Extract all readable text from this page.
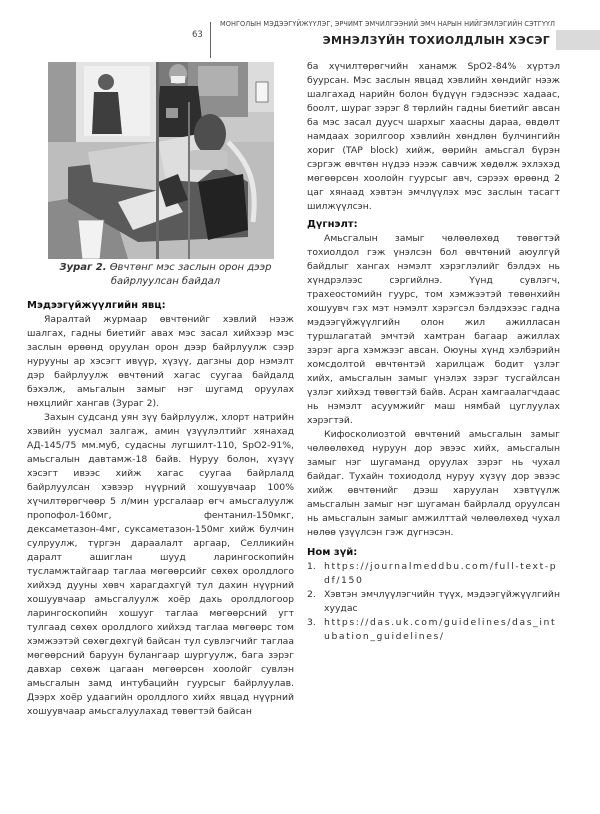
63
МОНГОЛЫН МЭДЭЭГҮЙЖҮҮЛЭГ, ЭРЧИМТ ЭМЧИЛГЭЭНИЙ ЭМЧ НАРЫН НИЙГЭМЛЭГИЙН СЭТГҮҮЛ
ЭМНЭЛЗҮЙН ТОХИОЛДЛЫН ХЭСЭГ
Зураг 2. Өвчтөнг мэс заслын орон дээр байрлуулсан байдал
Мэдээгүйжүүлгийн явц:

Яаралтай журмаар өвчтөнийг хэвлий нээж шалгах, гадны биетийг авах мэс засал хийхээр мэс заслын өрөөнд оруулан орон дээр байрлуулж сээр нурууны ар хэсэгт ивүүр, хүзүү, дагзны дор нэмэлт дэр байрлуулж өвчтөний хагас суугаа байдалд бэхэлж, амьгалын замыг нэг шугамд оруулах нөхцлийг хангав (Зураг 2).

Захын судсанд уян зүү байрлуулж, хлорт натрийн хэвийн уусмал залгаж, амин үзүүлэлтийг хянахад АД-145/75 мм.муб, судасны лугшилт-110, SpO2-91%, амьсгалын давтамж-18 байв. Нуруу болон, хүзүү хэсэгт ивээс хийж хагас суугаа байрлалд байрлуулсан хэвээр нүүрний хошуувчаар 100% хүчилтөрөгчөөр 5 л/мин урсгалаар өгч амьсгалуулж пропофол-160мг, фентанил-150мкг, дексаметазон-4мг, суксаметазон-150мг хийж булчин сулруулж, түргэн дараалалт аргаар, Селликийн даралт ашиглан шууд ларингоскопийн тусламжтайгаар таглаа мөгөөрсийг сөхөх оролдлого хийхэд дууны хөвч харагдахгүй тул дахин нүүрний хошуувчаар амьсгалуулж хоёр дахь оролдлогоор ларингоскопийн хошууг таглаа мөгөөрсний угт тулгаад сөхөх оролдлого хийхэд таглаа мөгөөрс том хэмжээтэй сөхөгдөхгүй байсан тул сувлэгчийг таглаа мөгөөрсний баруун булангаар шургуулж, бага зэрэг давхар сөхөж цагаан мөгөөрсөн хоолойг сувлэн амьсгалын замд интубацийн гуурсыг байрлуулав. Дээрх хоёр удаагийн оролдлого хийх явцад нүүрний хошуувчаар амьсгалуулахад төвөгтэй байсан

ба хүчилтөрөгчийн ханамж SpO2-84% хүртэл буурсан. Мэс заслын явцад хэвлийн хөндийг нээж шалгахад нарийн болон бүдүүн гэдэснээс хадаас, боолт, шураг зэрэг 8 төрлийн гадны биетийг авсан ба мэс засал дуусч шархыг хаасны дараа, өвдөлт намдаах зорилгоор хэвлийн хөндлөн булчингийн хориг (TAP block) хийж, өөрийн амьсгал бүрэн сэргэж өвчтөн нүдээ нээж савчиж хөдөлж эхлэхэд мөгөөрсөн хоолойн гуурсыг авч, сэрээх өрөөнд 2 цаг хянаад хэвтэн эмчлүүлэх мэс заслын тасагт шилжүүлсэн.

Дүгнэлт:

Амьсгалын замыг чөлөөлөхөд төвөгтэй тохиолдол гэж үнэлсэн бол өвчтөний аюулгүй байдлыг хангах нэмэлт хэрэглэлийг бэлдэх нь хүндрэлээс сэргийлнэ. Үүнд сувлэгч, трахеостомийн гуурс, том хэмжээтэй төвөнхийн хошуувч гэх мэт нэмэлт хэрэгсэл бэлдэхээс гадна мэдээгүйжүүлгийн олон жил ажилласан туршлагатай эмчтэй хамтран багаар ажиллах зэрэг арга хэмжээг авсан. Оюуны хүнд хэлбэрийн хомсдолтой өвчтөнтэй харилцаж бодит үзлэг хийх, амьсгалын замыг үнэлэх зэрэг тусгайлсан үзлэг хийхэд төвөгтэй байв. Асран хамгаалагчдаас нь нэмэлт асуумжийг маш нямбай цуглуулах хэрэгтэй.

Кифосколиозтой өвчтөний амьсгалын замыг чөлөөлөхөд нуруун дор эвээс хийх, амьсгалын замыг нэг шугаманд оруулах зэрэг нь чухал байдаг. Тухайн тохиодолд нуруу хүзүү дор эвээс хийж өвчтөнийг дээш харуулан хэвтүүлж амьсгалын замыг нэг шугаман байрлалд оруулсан нь амьсгалын замыг амжилттай чөлөөлөхөд чухал нөлөө үзүүлсэн гэж дүгнэсэн.

Ном зүй:
1. https://journalmeddbu.com/full-text-pdf/150
2. Хэвтэн эмчлүүлэгчийн түүх, мэдээгүйжүүлгийн хуудас
3. https://das.uk.com/guidelines/das_intubation_guidelines/
